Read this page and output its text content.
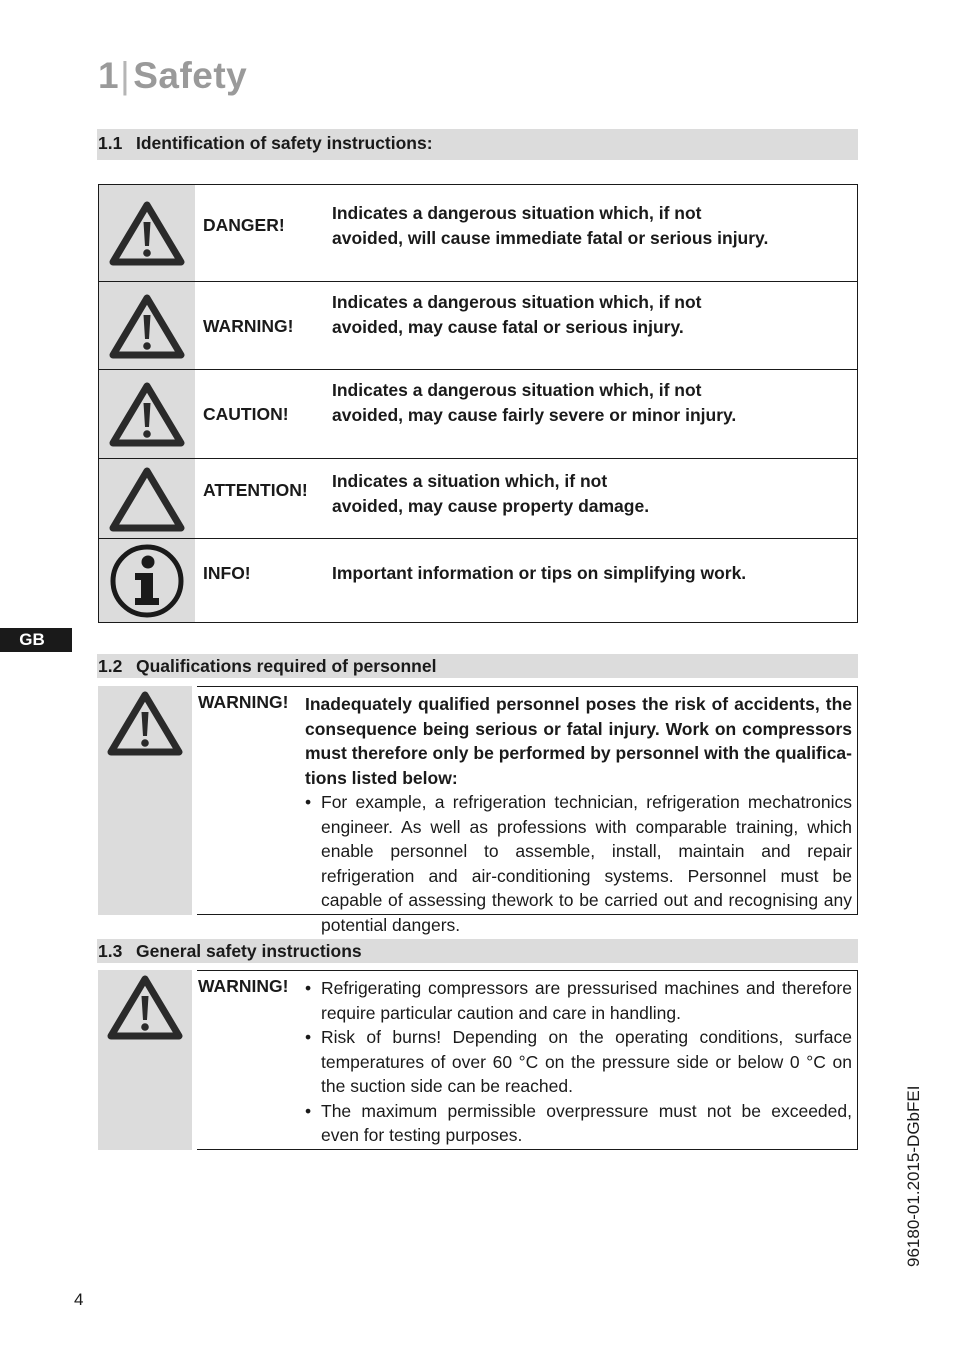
1|Safety
1.1 Identification of safety instructions:
DANGER!
Indicates a dangerous situation which, if not
avoided, will cause immediate fatal or serious injury.
WARNING!
Indicates a dangerous situation which, if not
avoided, may cause fatal or serious injury.
CAUTION!
Indicates a dangerous situation which, if not
avoided, may cause fairly severe or minor injury.
ATTENTION! Indicates a situation which, if not
avoided, may cause property damage.
INFO!	Important information or tips on simplifying work.
GB
1.2 Qualifications required of personnel
WARNING! Inadequately qualified personnel poses the risk of accidents, the consequence being serious or fatal injury. Work on compressors must therefore only be performed by personnel with the qualifications listed below:
• For example, a refrigeration technician, refrigeration mechatronics engineer. As well as professions with comparable training, which enable personnel to assemble, install, maintain and repair refrigeration and air-conditioning systems. Personnel must be capable of assessing thework to be carried out and recognising any potential dangers.
1.3 General safety instructions
WARNING! • Refrigerating compressors are pressurised machines and therefore require particular caution and care in handling.
• Risk of burns! Depending on the operating conditions, surface temperatures of over 60 °C on the pressure side or below 0 °C on the suction side can be reached.
• The maximum permissible overpressure must not be exceeded, even for testing purposes.
4
96180-01.2015-DGbFEI
